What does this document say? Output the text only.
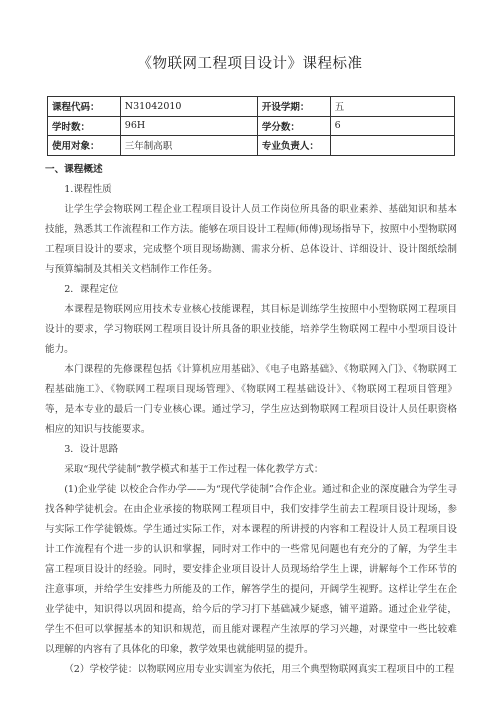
《物联网工程项目设计》课程标准
课程代码：	N31042010	开设学期：	五
学时数：	96H	学分数：	6
使用对象：	三年制高职	专业负责人：	
一、课程概述

1.课程性质

让学生学会物联网工程企业工程项目设计人员工作岗位所具备的职业素养、基础知识和基本技能，熟悉其工作流程和工作方法。能够在项目设计工程师(师傅)现场指导下，按照中小型物联网工程项目设计的要求，完成整个项目现场勘测、需求分析、总体设计、详细设计、设计图纸绘制与预算编制及其相关文档制作工作任务。

2．课程定位

本课程是物联网应用技术专业核心技能课程，其目标是训练学生按照中小型物联网工程项目设计的要求，学习物联网工程项目设计所具备的职业技能，培养学生物联网工程中小型项目设计能力。

本门课程的先修课程包括《计算机应用基础》、《电子电路基础》、《物联网入门》、《物联网工程基础施工》、《物联网工程项目现场管理》、《物联网工程基础设计》、《物联网工程项目管理》等，是本专业的最后一门专业核心课。通过学习，学生应达到物联网工程项目设计人员任职资格相应的知识与技能要求。

3．设计思路

采取“现代学徒制”教学模式和基于工作过程一体化教学方式：

(1)企业学徒 以校企合作办学——为“现代学徒制”合作企业。通过和企业的深度融合为学生寻找各种学徒机会。在由企业承接的物联网工程项目中，我们安排学生前去工程项目设计现场，参与实际工作学徒锻炼。学生通过实际工作，对本课程的所讲授的内容和工程设计人员工程项目设计工作流程有个进一步的认识和掌握，同时对工作中的一些常见问题也有充分的了解，为学生丰富工程项目设计的经验。同时，要安排企业项目设计人员现场给学生上课，讲解每个工作环节的注意事项，并给学生安排些力所能及的工作，解答学生的提问，开阔学生视野。这样让学生在企业学徒中，知识得以巩固和提高，给今后的学习打下基础减少疑惑，铺平道路。通过企业学徒，学生不但可以掌握基本的知识和规范，而且能对课程产生浓厚的学习兴趣，对课堂中一些比较难以理解的内容有了具体化的印象，教学效果也就能明显的提升。

（2）学校学徒：以物联网应用专业实训室为依托，用三个典型物联网真实工程项目中的工程
